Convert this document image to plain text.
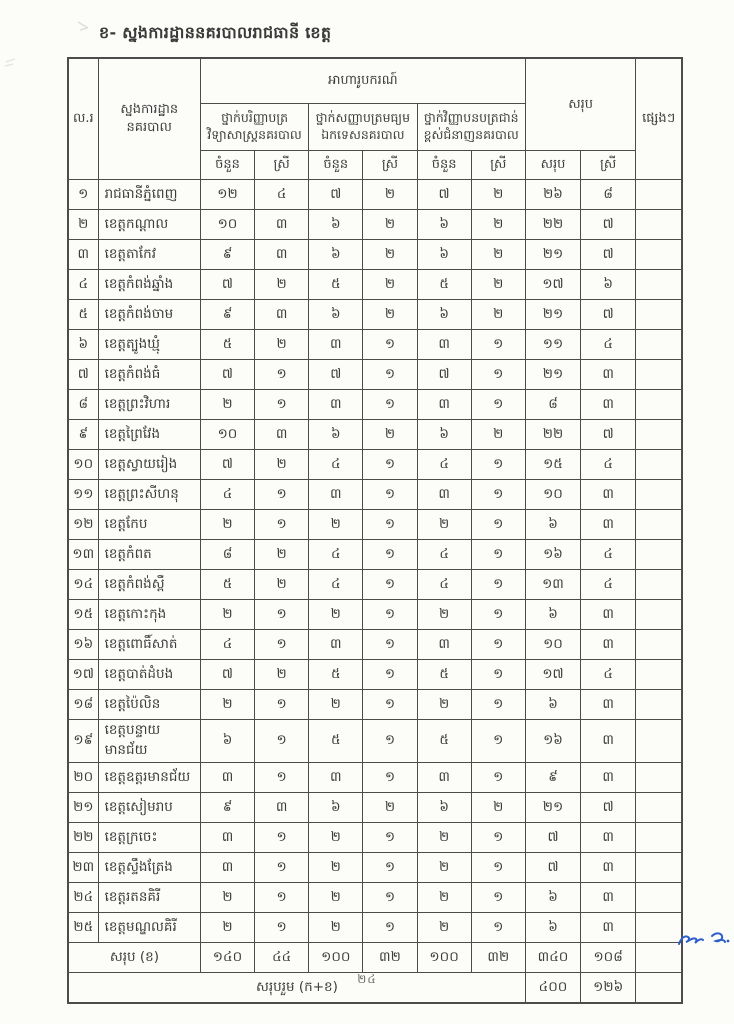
ខ- ស្នងការដ្ឋាននគរបាលរាជធានី ខេត្ត
ល.រ	ស្នងការដ្ឋាន នគរបាល	អាហារូបករណ៍						សរុប		ផ្សេងៗ
		ថ្នាក់បរិញ្ញាបត្រ វិទ្យាសាស្ត្រនគរបាល		ថ្នាក់សញ្ញាបត្រមធ្យម ឯកទេសនគរបាល		ថ្នាក់វិញ្ញាបនបត្រជាន់ខ្ពស់ជំនាញនគរបាល				
		ចំនួន	ស្រី	ចំនួន	ស្រី	ចំនួន	ស្រី	សរុប	ស្រី	
១	រាជធានីភ្នំពេញ	១២	៤	៧	២	៧	២	២៦	៨	
២	ខេត្តកណ្តាល	១០	៣	៦	២	៦	២	២២	៧	
៣	ខេត្តតាកែវ	៩	៣	៦	២	៦	២	២១	៧	
៤	ខេត្តកំពង់ឆ្នាំង	៧	២	៥	២	៥	២	១៧	៦	
៥	ខេត្តកំពង់ចាម	៩	៣	៦	២	៦	២	២១	៧	
៦	ខេត្តត្បូងឃ្មុំ	៥	២	៣	១	៣	១	១១	៤	
៧	ខេត្តកំពង់ធំ	៧	១	៧	១	៧	១	២១	៣	
៨	ខេត្តព្រះវិហារ	២	១	៣	១	៣	១	៨	៣	
៩	ខេត្តព្រៃវែង	១០	៣	៦	២	៦	២	២២	៧	
១០	ខេត្តស្វាយរៀង	៧	២	៤	១	៤	១	១៥	៤	
១១	ខេត្តព្រះសីហនុ	៤	១	៣	១	៣	១	១០	៣	
១២	ខេត្តកែប	២	១	២	១	២	១	៦	៣	
១៣	ខេត្តកំពត	៨	២	៤	១	៤	១	១៦	៤	
១៤	ខេត្តកំពង់ស្ពឺ	៥	២	៤	១	៤	១	១៣	៤	
១៥	ខេត្តកោះកុង	២	១	២	១	២	១	៦	៣	
១៦	ខេត្តពោធិ៍សាត់	៤	១	៣	១	៣	១	១០	៣	
១៧	ខេត្តបាត់ដំបង	៧	២	៥	១	៥	១	១៧	៤	
១៨	ខេត្តប៉ៃលិន	២	១	២	១	២	១	៦	៣	
១៩	ខេត្តបន្ទាយមានជ័យ	៦	១	៥	១	៥	១	១៦	៣	
២០	ខេត្តឧត្តរមានជ័យ	៣	១	៣	១	៣	១	៩	៣	
២១	ខេត្តសៀមរាប	៩	៣	៦	២	៦	២	២១	៧	
២២	ខេត្តក្រចេះ	៣	១	២	១	២	១	៧	៣	
២៣	ខេត្តស្ទឹងត្រែង	៣	១	២	១	២	១	៧	៣	
២៤	ខេត្តរតនគិរី	២	១	២	១	២	១	៦	៣	
២៥	ខេត្តមណ្ឌលគិរី	២	១	២	១	២	១	៦	៣	
សរុប (ខ)		១៤០	៤៤	១០០	៣២	១០០	៣២	៣៤០	១០៨	
សរុបរួម (ក+ខ)								៤០០	១២៦	
២៤
